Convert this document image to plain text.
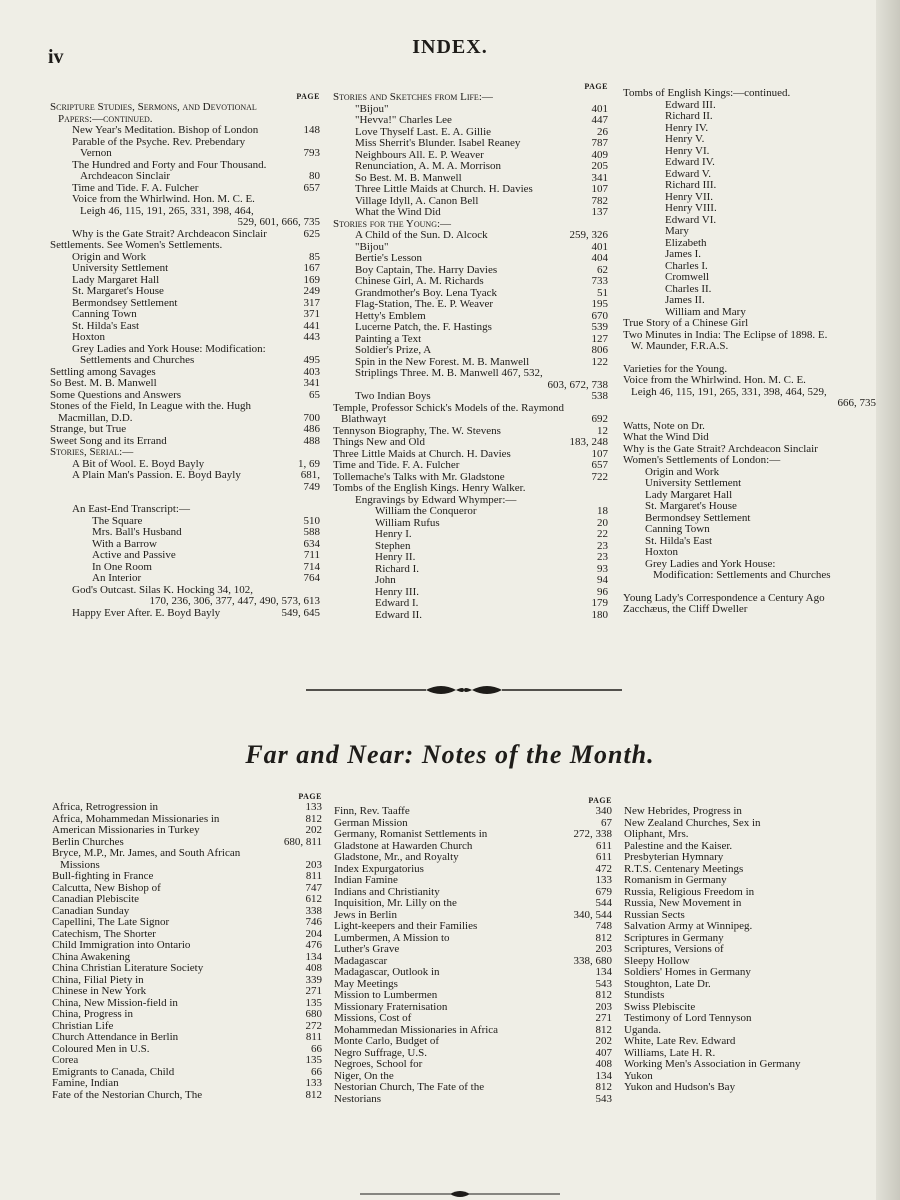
iv	INDEX.
PAGE
Scripture Studies, Sermons, and Devotional Papers:—continued.
New Year's Meditation. Bishop of London	148
Parable of the Psyche. Rev. Prebendary Vernon	793
The Hundred and Forty and Four Thousand. Archdeacon Sinclair	80
Time and Tide. F. A. Fulcher	657
Voice from the Whirlwind. Hon. M. C. E. Leigh 46, 115, 191, 265, 331, 398, 464,
529, 601, 666, 735
Why is the Gate Strait? Archdeacon Sinclair	625
Settlements. See Women's Settlements.
Origin and Work	85
University Settlement	167
Lady Margaret Hall	169
St. Margaret's House	249
Bermondsey Settlement	317
Canning Town	371
St. Hilda's East	441
Hoxton	443
Grey Ladies and York House: Modification: Settlements and Churches	495
Settling among Savages	403
So Best. M. B. Manwell	341
Some Questions and Answers	65
Stones of the Field, In League with the. Hugh Macmillan, D.D.	700
Strange, but True	486
Sweet Song and its Errand	488
Stories, Serial:—
A Bit of Wool. E. Boyd Bayly	1, 69
A Plain Man's Passion. E. Boyd Bayly	681,
749
An East-End Transcript:—
The Square	510
Mrs. Ball's Husband	588
With a Barrow	634
Active and Passive	711
In One Room	714
An Interior	764
God's Outcast. Silas K. Hocking 34, 102,
170, 236, 306, 377, 447, 490, 573, 613
Happy Ever After. E. Boyd Bayly	549, 645
PAGE
Stories and Sketches from Life:—
"Bijou"	401
"Hevva!" Charles Lee	447
Love Thyself Last. E. A. Gillie	26
Miss Sherrit's Blunder. Isabel Reaney	787
Neighbours All. E. P. Weaver	409
Renunciation, A. M. A. Morrison	205
So Best. M. B. Manwell	341
Three Little Maids at Church. H. Davies	107
Village Idyll, A. Canon Bell	782
What the Wind Did	137
Stories for the Young:—
A Child of the Sun. D. Alcock	259, 326
"Bijou"	401
Bertie's Lesson	404
Boy Captain, The. Harry Davies	62
Chinese Girl, A. M. Richards	733
Grandmother's Boy. Lena Tyack	51
Flag-Station, The. E. P. Weaver	195
Hetty's Emblem	670
Lucerne Patch, the. F. Hastings	539
Painting a Text	127
Soldier's Prize, A	806
Spin in the New Forest. M. B. Manwell	122
Striplings Three. M. B. Manwell 467, 532,
603, 672, 738
Two Indian Boys	538
Temple, Professor Schick's Models of the. Raymond Blathwayt	692
Tennyson Biography, The. W. Stevens	12
Things New and Old	183, 248
Three Little Maids at Church. H. Davies	107
Time and Tide. F. A. Fulcher	657
Tollemache's Talks with Mr. Gladstone	722
Tombs of the English Kings. Henry Walker.
Engravings by Edward Whymper:—
William the Conqueror	18
William Rufus	20
Henry I.	22
Stephen	23
Henry II.	23
Richard I.	93
John	94
Henry III.	96
Edward I.	179
Edward II.	180
Tombs of English Kings:—continued.
Edward III.
Richard II.
Henry IV.
Henry V.
Henry VI.
Edward IV.
Edward V.
Richard III.
Henry VII.
Henry VIII.
Edward VI.
Mary
Elizabeth
James I.
Charles I.
Cromwell
Charles II.
James II.
William and Mary
True Story of a Chinese Girl
Two Minutes in India: The Eclipse of 1898. E. W. Maunder, F.R.A.S.
Varieties for the Young.
Voice from the Whirlwind. Hon. M. C. E. Leigh 46, 115, 191, 265, 331, 398, 464, 529,
666, 735
Watts, Note on Dr.
What the Wind Did
Why is the Gate Strait? Archdeacon Sinclair
Women's Settlements of London:—
Origin and Work
University Settlement
Lady Margaret Hall
St. Margaret's House
Bermondsey Settlement
Canning Town
St. Hilda's East
Hoxton
Grey Ladies and York House: Modification: Settlements and Churches
Young Lady's Correspondence a Century Ago
Zacchæus, the Cliff Dweller
Far and Near: Notes of the Month.
PAGE
Africa, Retrogression in	133
Africa, Mohammedan Missionaries in	812
American Missionaries in Turkey	202
Berlin Churches	680, 811
Bryce, M.P., Mr. James, and South African Missions	203
Bull-fighting in France	811
Calcutta, New Bishop of	747
Canadian Plebiscite	612
Canadian Sunday	338
Capellini, The Late Signor	746
Catechism, The Shorter	204
Child Immigration into Ontario	476
China Awakening	134
China Christian Literature Society	408
China, Filial Piety in	339
Chinese in New York	271
China, New Mission-field in	135
China, Progress in	680
Christian Life	272
Church Attendance in Berlin	811
Coloured Men in U.S.	66
Corea	135
Emigrants to Canada, Child	66
Famine, Indian	133
Fate of the Nestorian Church, The	812
PAGE
Finn, Rev. Taaffe	340
German Mission	67
Germany, Romanist Settlements in	272, 338
Gladstone at Hawarden Church	611
Gladstone, Mr., and Royalty	611
Index Expurgatorius	472
Indian Famine	133
Indians and Christianity	679
Inquisition, Mr. Lilly on the	544
Jews in Berlin	340, 544
Light-keepers and their Families	748
Lumbermen, A Mission to	812
Luther's Grave	203
Madagascar	338, 680
Madagascar, Outlook in	134
May Meetings	543
Mission to Lumbermen	812
Missionary Fraternisation	203
Missions, Cost of	271
Mohammedan Missionaries in Africa	812
Monte Carlo, Budget of	202
Negro Suffrage, U.S.	407
Negroes, School for	408
Niger, On the	134
Nestorian Church, The Fate of the	812
Nestorians	543
New Hebrides, Progress in
New Zealand Churches, Sex in
Oliphant, Mrs.
Palestine and the Kaiser.
Presbyterian Hymnary
R.T.S. Centenary Meetings
Romanism in Germany
Russia, Religious Freedom in
Russia, New Movement in
Russian Sects
Salvation Army at Winnipeg.
Scriptures in Germany
Scriptures, Versions of
Sleepy Hollow
Soldiers' Homes in Germany
Stoughton, Late Dr.
Stundists
Swiss Plebiscite
Testimony of Lord Tennyson
Uganda.
White, Late Rev. Edward
Williams, Late H. R.
Working Men's Association in Germany
Yukon
Yukon and Hudson's Bay
